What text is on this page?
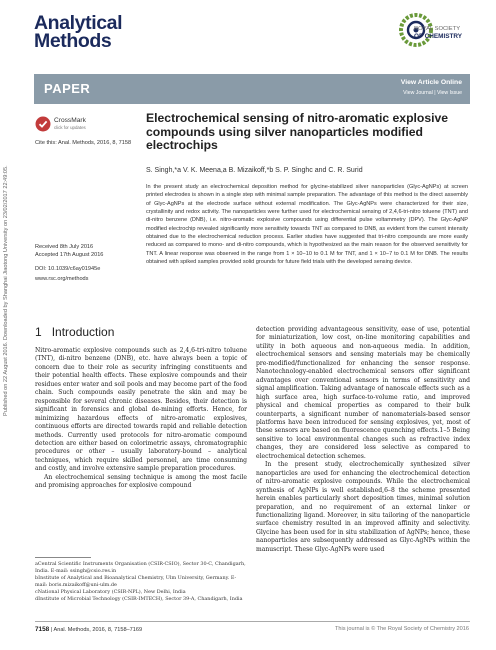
Published on 22 August 2016. Downloaded by Shanghai Jiaotong University on 23/02/2017 22:49:05.
Analytical
Methods
ROYAL SOCIETY
OF CHEMISTRY
PAPER	View Article Online
View Journal | View Issue
CrossMark
click for updates
Cite this: Anal. Methods, 2016, 8, 7158
Electrochemical sensing of nitro-aromatic explosive compounds using silver nanoparticles modified electrochips
S. Singh,*a V. K. Meena,a B. Mizaikoff,*b S. P. Singhc and C. R. Surid
In the present study an electrochemical deposition method for glycine-stabilized silver nanoparticles (Glyc-AgNPs) at screen printed electrodes is shown in a single step with minimal sample preparation. The advantage of this method is the direct assembly of Glyc-AgNPs at the electrode surface without external modification. The Glyc-AgNPs were characterized for their size, crystallinity and redox activity. The nanoparticles were further used for electrochemical sensing of 2,4,6-tri-nitro toluene (TNT) and di-nitro benzene (DNB), i.e. nitro-aromatic explosive compounds using differential pulse voltammetry (DPV). The Glyc-AgNP modified electrochip revealed significantly more sensitivity towards TNT as compared to DNB, as evident from the current intensity obtained due to the electrochemical reduction process. Earlier studies have suggested that tri-nitro compounds are more easily reduced as compared to mono- and di-nitro compounds, which is hypothesized as the main reason for the observed sensitivity for TNT. A linear response was observed in the range from 1 × 10−10 to 0.1 M for TNT, and 1 × 10−7 to 0.1 M for DNB. The results obtained with spiked samples provided solid grounds for future field trials with the developed sensing device.
Received 8th July 2016
Accepted 17th August 2016
DOI: 10.1039/c6ay01945e
www.rsc.org/methods
1 Introduction

Nitro-aromatic explosive compounds such as 2,4,6-tri-nitro toluene (TNT), di-nitro benzene (DNB), etc. have always been a topic of concern due to their role as security infringing constituents and their potential health effects. These explosive compounds and their residues enter water and soil pools and may become part of the food chain. Such compounds easily penetrate the skin and may be responsible for several chronic diseases. Besides, their detection is significant in forensics and global de-mining efforts. Hence, for minimizing hazardous effects of nitro-aromatic explosives, continuous efforts are directed towards rapid and reliable detection methods. Currently used protocols for nitro-aromatic compound detection are either based on colorimetric assays, chromatographic procedures or other – usually laboratory-bound – analytical techniques, which require skilled personnel, are time consuming and costly, and involve extensive sample preparation procedures.

An electrochemical sensing technique is among the most facile and promising approaches for explosive compound

detection providing advantageous sensitivity, ease of use, potential for miniaturization, low cost, on-line monitoring capabilities and utility in both aqueous and non-aqueous media. In addition, electrochemical sensors and sensing materials may be chemically pre-modified/functionalized for enhancing the sensor response. Nanotechnology-enabled electrochemical sensors offer significant advantages over conventional sensors in terms of sensitivity and signal amplification. Taking advantage of nanoscale effects such as a high surface area, high surface-to-volume ratio, and improved physical and chemical properties as compared to their bulk counterparts, a significant number of nanomaterials-based sensor platforms have been introduced for sensing explosives, yet, most of these sensors are based on fluorescence quenching effects.1–5 Being sensitive to local environmental changes such as refractive index changes, they are considered less selective as compared to electrochemical detection schemes.

In the present study, electrochemically synthesized silver nanoparticles are used for enhancing the electrochemical detection of nitro-aromatic explosive compounds. While the electrochemical synthesis of AgNPs is well established,6–8 the scheme presented herein enables particularly short deposition times, minimal solution preparation, and no requirement of an external linker or functionalizing ligand. Moreover, in situ tailoring of the nanoparticle surface chemistry resulted in an improved affinity and selectivity. Glycine has been used for in situ stabilization of AgNPs; hence, these nanoparticles are subsequently addressed as Glyc-AgNPs within the manuscript. These Glyc-AgNPs were used

aCentral Scientific Instruments Organisation (CSIR-CSIO), Sector 30-C, Chandigarh, India. E-mail: ssingh@csio.res.in
bInstitute of Analytical and Bioanalytical Chemistry, Ulm University, Germany. E-mail: boris.mizaikoff@uni-ulm.de
cNational Physical Laboratory (CSIR-NPL), New Delhi, India
dInstitute of Microbial Technology (CSIR-IMTECH), Sector 39-A, Chandigarh, India
7158 | Anal. Methods, 2016, 8, 7158–7169	This journal is © The Royal Society of Chemistry 2016
